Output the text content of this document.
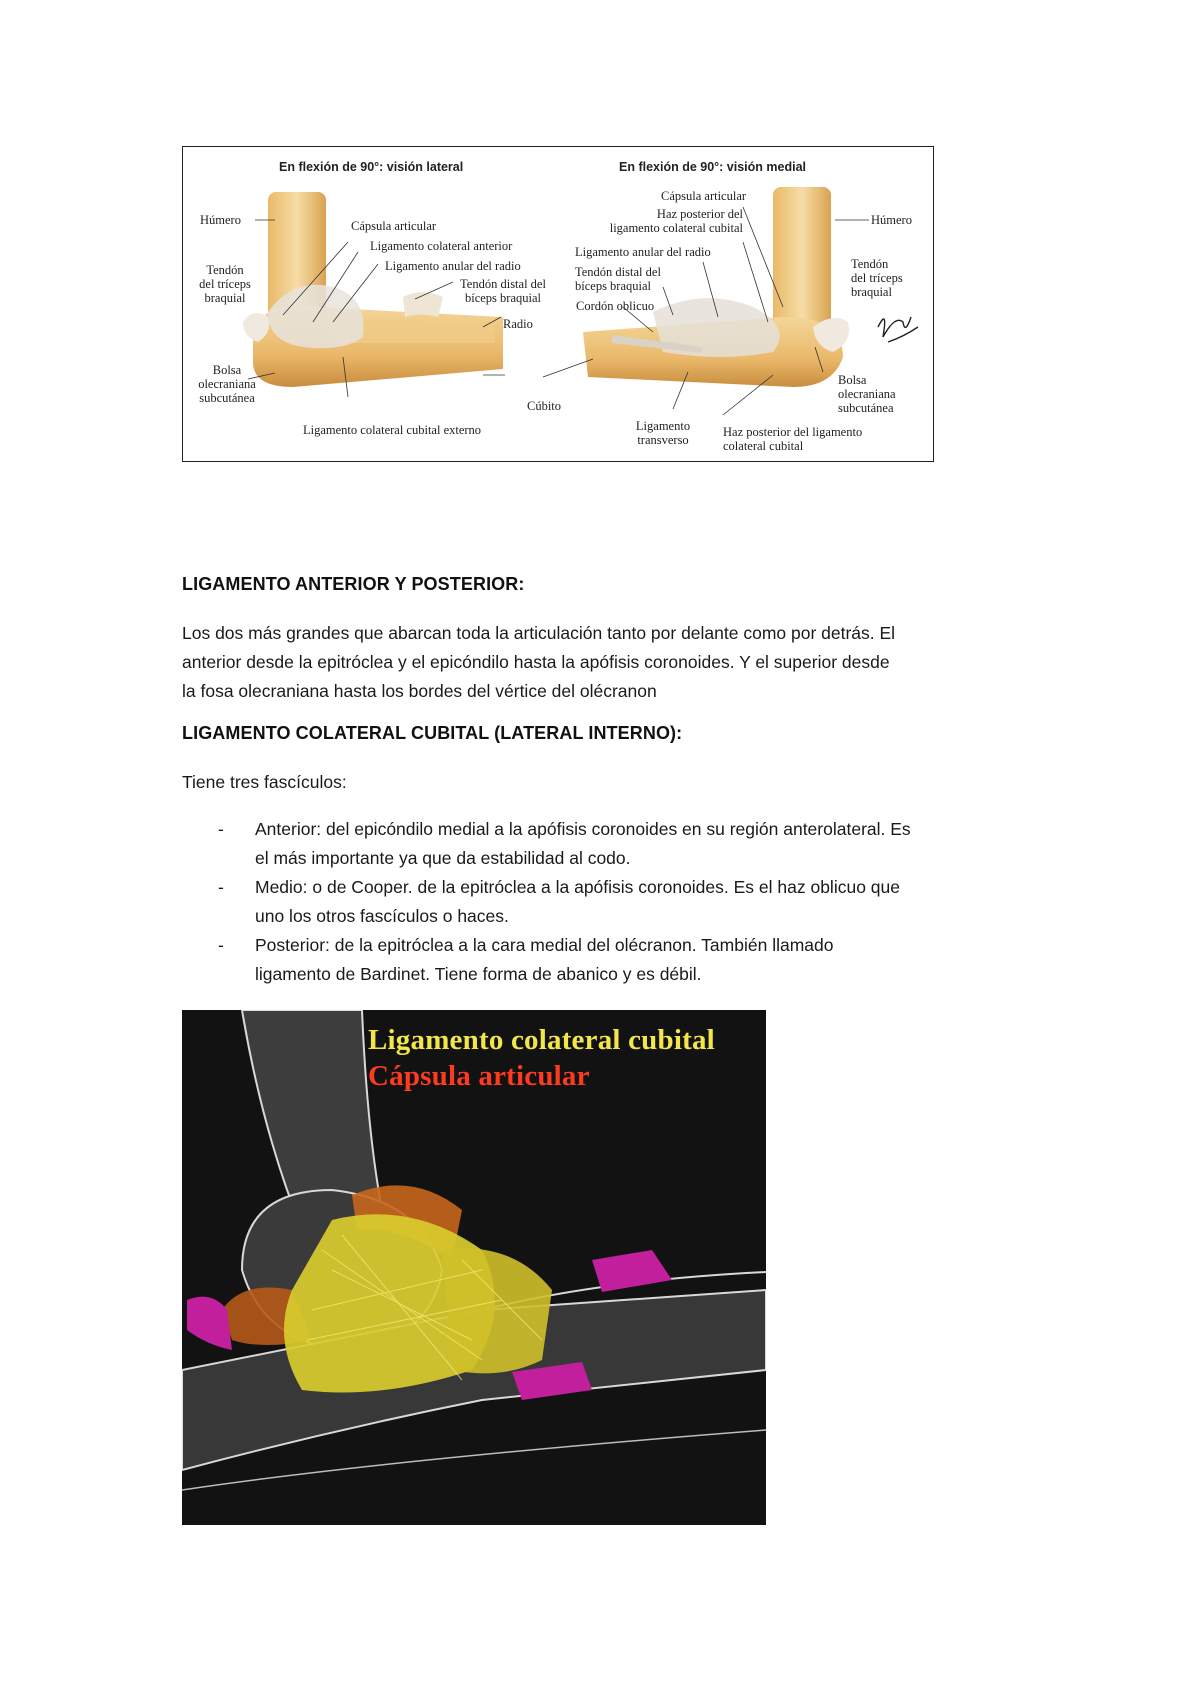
En flexión de 90°: visión lateral	En flexión de 90°: visión medial
Húmero	Cápsula articular
Ligamento colateral anterior
Ligamento anular del radio
Tendón distal del
bíceps braquial
Tendón
del tríceps
braquial
Radio
Bolsa
olecraniana
subcutánea
Cúbito
Ligamento colateral cubital externo
Cápsula articular
Haz posterior del
ligamento colateral cubital
Ligamento anular del radio
Tendón distal del
bíceps braquial
Cordón oblicuo
Húmero
Tendón
del tríceps
braquial
Bolsa
olecraniana
subcutánea
Ligamento
transverso
Haz posterior del ligamento
colateral cubital
LIGAMENTO ANTERIOR Y POSTERIOR:
Los dos más grandes que abarcan toda la articulación tanto por delante como por detrás. El
anterior desde la epitróclea y el epicóndilo hasta la apófisis coronoides. Y el superior desde
la fosa olecraniana hasta los bordes del vértice del olécranon
LIGAMENTO COLATERAL CUBITAL (LATERAL INTERNO):
Tiene tres fascículos:
- Anterior: del epicóndilo medial a la apófisis coronoides en su región anterolateral. Es
el más importante ya que da estabilidad al codo.
- Medio: o de Cooper. de la epitróclea a la apófisis coronoides. Es el haz oblicuo que
uno los otros fascículos o haces.
- Posterior: de la epitróclea a la cara medial del olécranon. También llamado
ligamento de Bardinet. Tiene forma de abanico y es débil.
Ligamento colateral cubital
Cápsula articular
